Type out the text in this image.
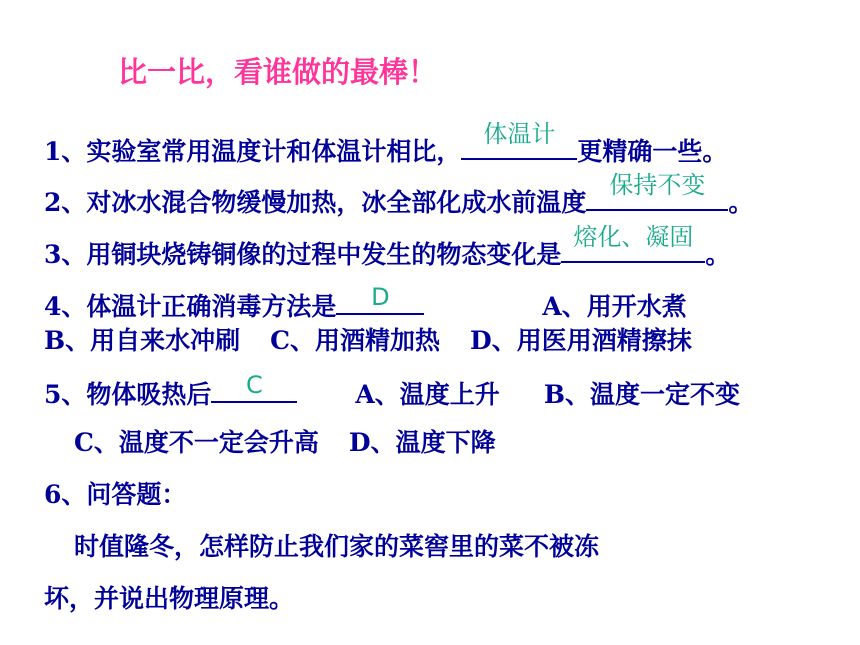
比一比，看谁做的最棒！
1、实验室常用温度计和体温计相比，
体温计
更精确一些。
2、对冰水混合物缓慢加热，冰全部化成水前温度
保持不变
。
3、用铜块烧铸铜像的过程中发生的物态变化是
熔化、凝固
。
4、体温计正确消毒方法是 D	A、用开水煮
B、用自来水冲刷 C、用酒精加热 D、用医用酒精擦抹
5、物体吸热后 C	A、温度上升 B、温度一定不变
C、温度不一定会升高 D、温度下降
6、问答题：
时值隆冬，怎样防止我们家的菜窖里的菜不被冻
坏，并说出物理原理。
